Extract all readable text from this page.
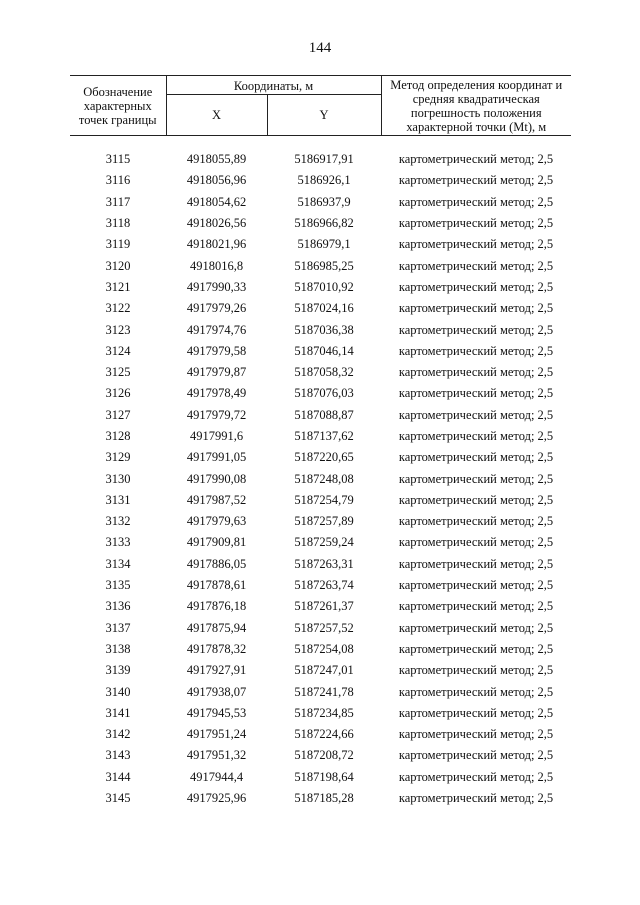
144
Обозначение характерных точек границы	Координаты, м		Метод определения координат и средняя квадратическая погрешность положения характерной точки (Mt), м
	X	Y	

3115	4918055,89	5186917,91	картометрический метод; 2,5
3116	4918056,96	5186926,1	картометрический метод; 2,5
3117	4918054,62	5186937,9	картометрический метод; 2,5
3118	4918026,56	5186966,82	картометрический метод; 2,5
3119	4918021,96	5186979,1	картометрический метод; 2,5
3120	4918016,8	5186985,25	картометрический метод; 2,5
3121	4917990,33	5187010,92	картометрический метод; 2,5
3122	4917979,26	5187024,16	картометрический метод; 2,5
3123	4917974,76	5187036,38	картометрический метод; 2,5
3124	4917979,58	5187046,14	картометрический метод; 2,5
3125	4917979,87	5187058,32	картометрический метод; 2,5
3126	4917978,49	5187076,03	картометрический метод; 2,5
3127	4917979,72	5187088,87	картометрический метод; 2,5
3128	4917991,6	5187137,62	картометрический метод; 2,5
3129	4917991,05	5187220,65	картометрический метод; 2,5
3130	4917990,08	5187248,08	картометрический метод; 2,5
3131	4917987,52	5187254,79	картометрический метод; 2,5
3132	4917979,63	5187257,89	картометрический метод; 2,5
3133	4917909,81	5187259,24	картометрический метод; 2,5
3134	4917886,05	5187263,31	картометрический метод; 2,5
3135	4917878,61	5187263,74	картометрический метод; 2,5
3136	4917876,18	5187261,37	картометрический метод; 2,5
3137	4917875,94	5187257,52	картометрический метод; 2,5
3138	4917878,32	5187254,08	картометрический метод; 2,5
3139	4917927,91	5187247,01	картометрический метод; 2,5
3140	4917938,07	5187241,78	картометрический метод; 2,5
3141	4917945,53	5187234,85	картометрический метод; 2,5
3142	4917951,24	5187224,66	картометрический метод; 2,5
3143	4917951,32	5187208,72	картометрический метод; 2,5
3144	4917944,4	5187198,64	картометрический метод; 2,5
3145	4917925,96	5187185,28	картометрический метод; 2,5
